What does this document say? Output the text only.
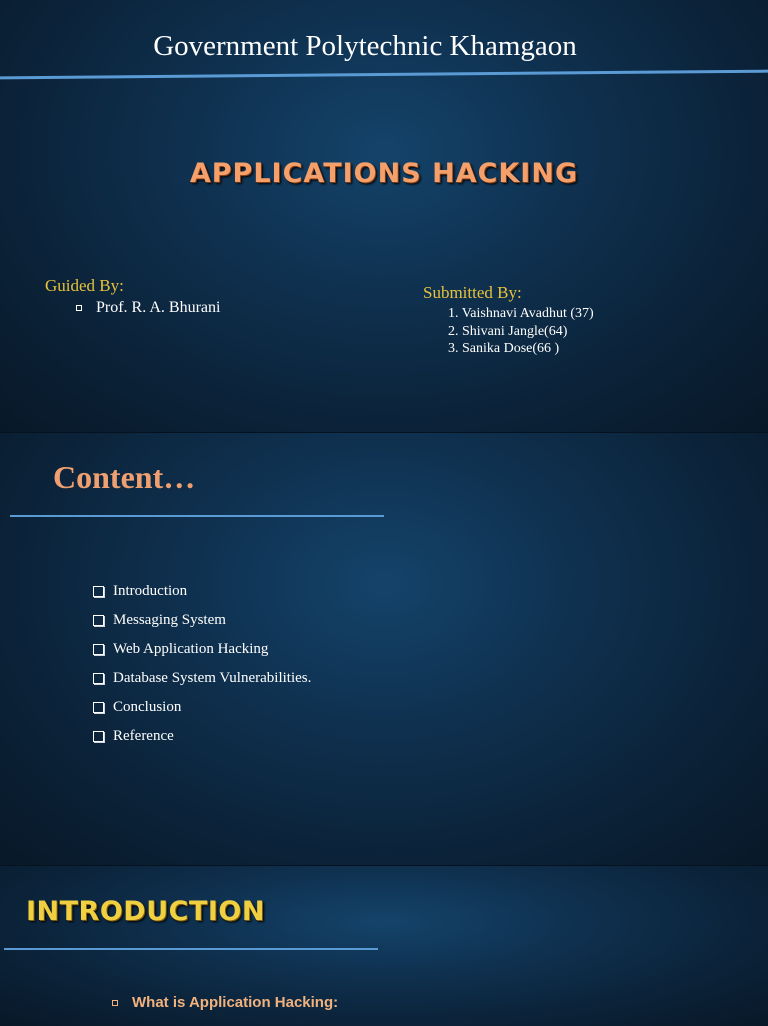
Government Polytechnic Khamgaon
APPLICATIONS HACKING
Guided By:
Prof. R. A. Bhurani
Submitted By:
1. Vaishnavi Avadhut (37)
2. Shivani Jangle(64)
3. Sanika Dose(66 )
Content…
Introduction
Messaging System
Web Application Hacking
Database System Vulnerabilities.
Conclusion
Reference
INTRODUCTION
What is Application Hacking:
